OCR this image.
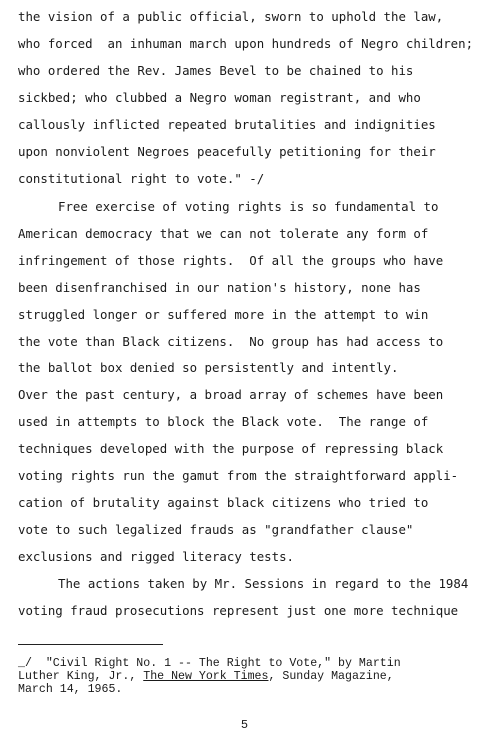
the vision of a public official, sworn to uphold the law,
who forced  an inhuman march upon hundreds of Negro children;
who ordered the Rev. James Bevel to be chained to his
sickbed; who clubbed a Negro woman registrant, and who
callously inflicted repeated brutalities and indignities
upon nonviolent Negroes peacefully petitioning for their
constitutional right to vote." -/
Free exercise of voting rights is so fundamental to
American democracy that we can not tolerate any form of
infringement of those rights.  Of all the groups who have
been disenfranchised in our nation's history, none has
struggled longer or suffered more in the attempt to win
the vote than Black citizens.  No group has had access to
the ballot box denied so persistently and intently.
Over the past century, a broad array of schemes have been
used in attempts to block the Black vote.  The range of
techniques developed with the purpose of repressing black
voting rights run the gamut from the straightforward appli-
cation of brutality against black citizens who tried to
vote to such legalized frauds as "grandfather clause"
exclusions and rigged literacy tests.
The actions taken by Mr. Sessions in regard to the 1984
voting fraud prosecutions represent just one more technique
_/  "Civil Right No. 1 -- The Right to Vote," by Martin
Luther King, Jr., The New York Times, Sunday Magazine,
March 14, 1965.
5
